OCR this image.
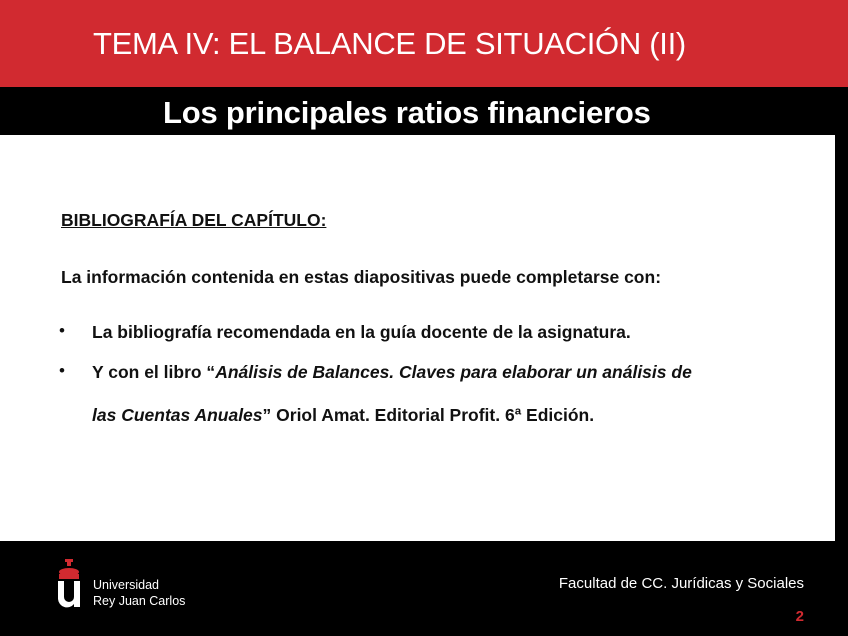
TEMA IV: EL BALANCE DE SITUACIÓN (II)
Los principales ratios financieros
BIBLIOGRAFÍA DEL CAPÍTULO:
La información contenida en estas diapositivas puede completarse con:
• La bibliografía recomendada en la guía docente de la asignatura.
• Y con el libro “Análisis de Balances. Claves para elaborar un análisis de
las Cuentas Anuales” Oriol Amat. Editorial Profit. 6ª Edición.
Universidad
Rey Juan Carlos
Facultad de CC. Jurídicas y Sociales
2
